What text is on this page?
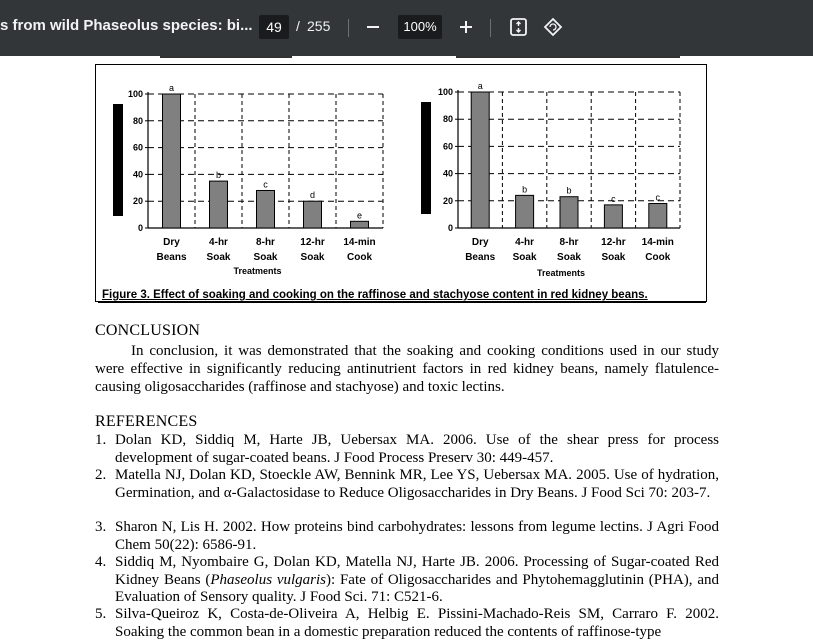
s from wild Phaseolus species: bi... 49	/ 255	100%
0
20
40
60
80
100
a
Dry
Beans
b
4-hr
Soak
c
8-hr
Soak
d
12-hr
Soak
e
14-min
Cook
Treatments
0
20
40
60
80
100
a
Dry
Beans
b
4-hr
Soak
b
8-hr
Soak
c
12-hr
Soak
c
14-min
Cook
Treatments
Figure 3. Effect of soaking and cooking on the raffinose and stachyose content in red kidney beans.
CONCLUSION
In conclusion, it was demonstrated that the soaking and cooking conditions used in our study were effective in significantly reducing antinutrient factors in red kidney beans, namely flatulence-causing oligosaccharides (raffinose and stachyose) and toxic lectins.
REFERENCES
1. Dolan KD, Siddiq M, Harte JB, Uebersax MA. 2006. Use of the shear press for process development of sugar-coated beans. J Food Process Preserv 30: 449-457.
2. Matella NJ, Dolan KD, Stoeckle AW, Bennink MR, Lee YS, Uebersax MA. 2005. Use of hydration, Germination, and α-Galactosidase to Reduce Oligosaccharides in Dry Beans. J Food Sci 70: 203-7.
3. Sharon N, Lis H. 2002. How proteins bind carbohydrates: lessons from legume lectins. J Agri Food Chem 50(22): 6586-91.
4. Siddiq M, Nyombaire G, Dolan KD, Matella NJ, Harte JB. 2006. Processing of Sugar-coated Red Kidney Beans (Phaseolus vulgaris): Fate of Oligosaccharides and Phytohemagglutinin (PHA), and Evaluation of Sensory quality. J Food Sci. 71: C521-6.
5. Silva-Queiroz K, Costa-de-Oliveira A, Helbig E. Pissini-Machado-Reis SM, Carraro F. 2002. Soaking the common bean in a domestic preparation reduced the contents of raffinose-type
